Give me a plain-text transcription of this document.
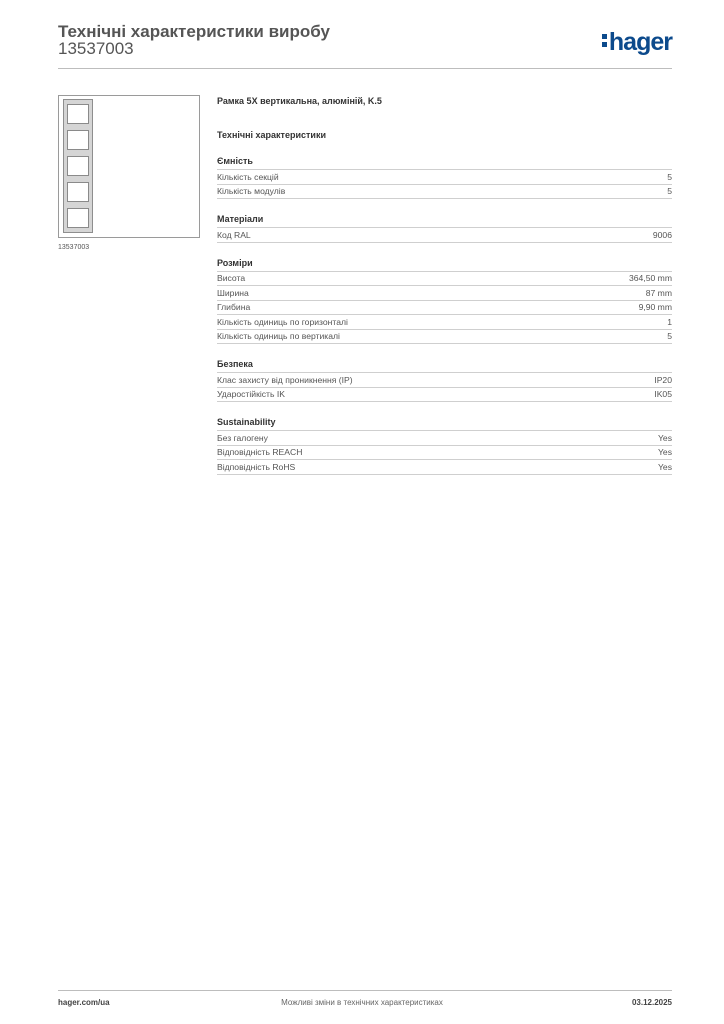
Технічні характеристики виробу
13537003	hager
13537003
Рамка 5X вертикальна, алюміній, K.5
Технічні характеристики
Ємність
Кількість секцій	5
Кількість модулів	5
Матеріали
Код RAL	9006
Розміри
Висота	364,50 mm
Ширина	87 mm
Глибина	9,90 mm
Кількість одиниць по горизонталі	1
Кількість одиниць по вертикалі	5
Безпека
Клас захисту від проникнення (IP)	IP20
Ударостійкість IK	IK05
Sustainability
Без галогену	Yes
Відповідність REACH	Yes
Відповідність RoHS	Yes
hager.com/ua	Можливі зміни в технічних характеристиках	03.12.2025
